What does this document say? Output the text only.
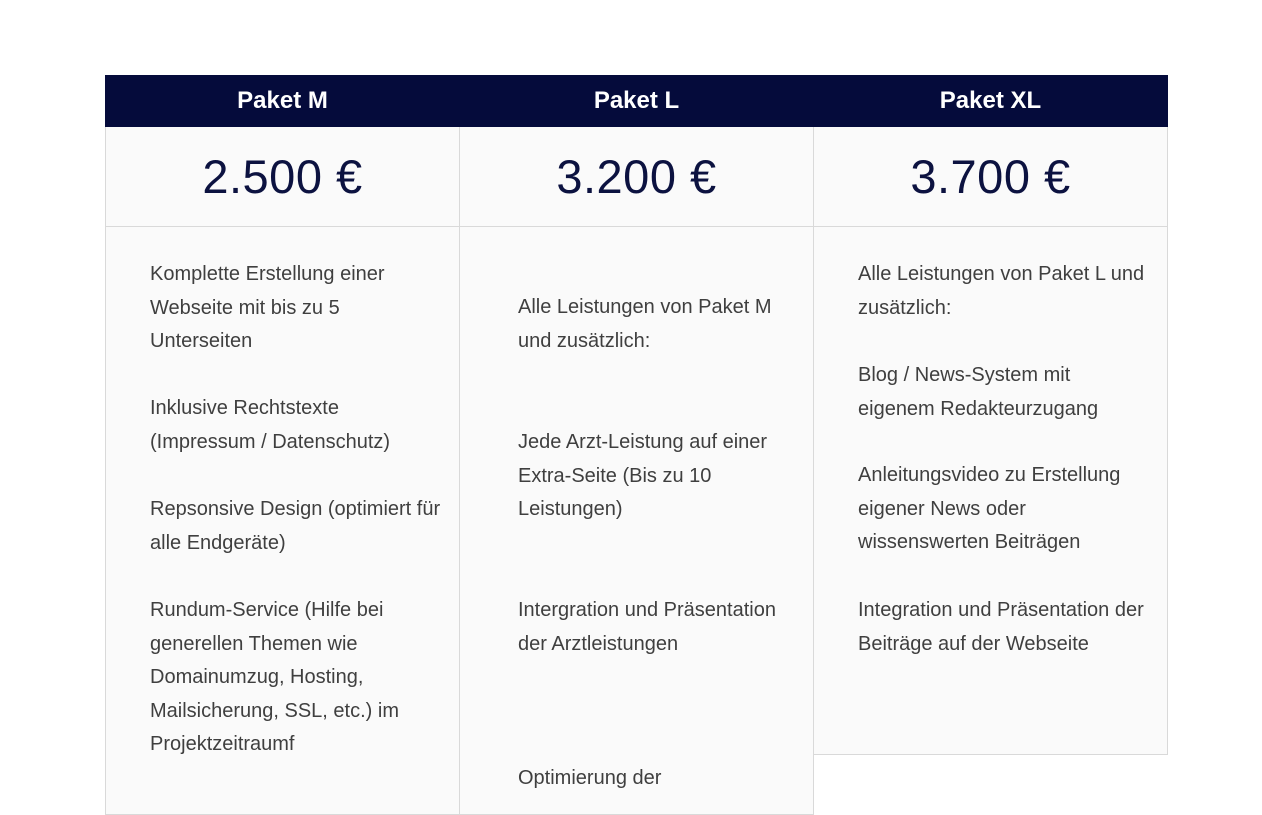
Paket M
2.500 €

Komplette Erstellung einer Webseite mit bis zu 5 Unterseiten

Inklusive Rechtstexte (Impressum / Datenschutz)

Repsonsive Design (optimiert für alle Endgeräte)

Rundum-Service (Hilfe bei generellen Themen wie Domainumzug, Hosting, Mailsicherung, SSL, etc.) im Projektzeitraumf

Paket L
3.200 €

Alle Leistungen von Paket M und zusätzlich:

Jede Arzt-Leistung auf einer Extra-Seite (Bis zu 10 Leistungen)

Intergration und Präsentation der Arztleistungen

Optimierung der

Paket XL
3.700 €

Alle Leistungen von Paket L und zusätzlich:

Blog / News-System mit eigenem Redakteurzugang

Anleitungsvideo zu Erstellung eigener News oder wissenswerten Beiträgen

Integration und Präsentation der Beiträge auf der Webseite
